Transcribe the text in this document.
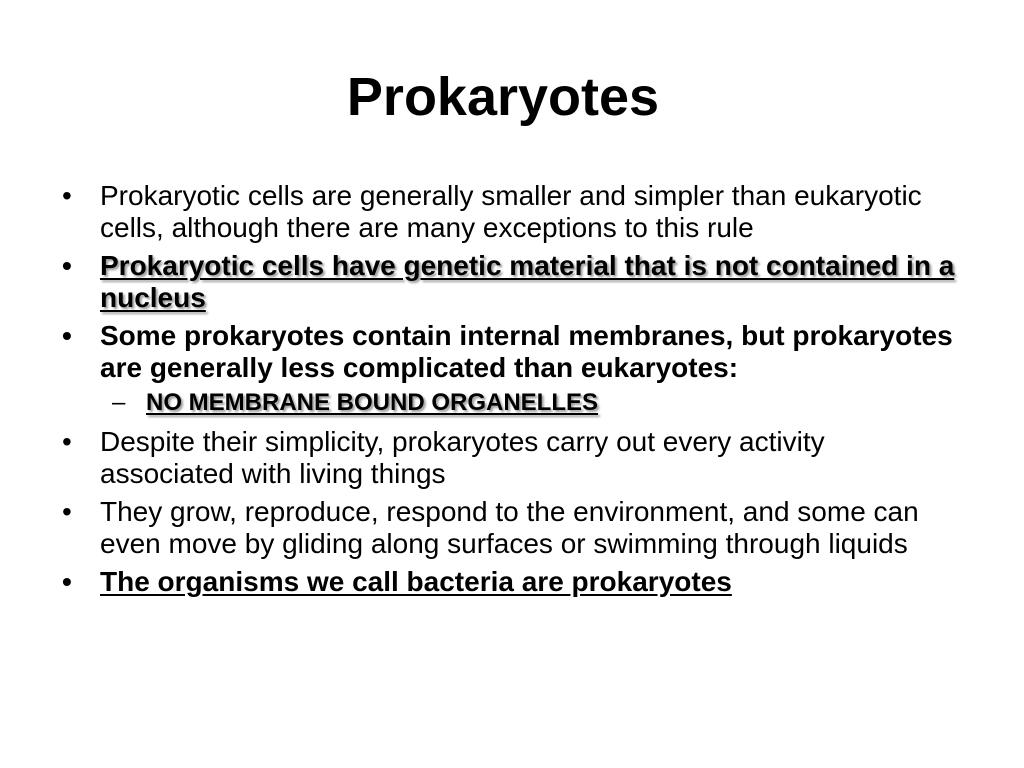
Prokaryotes
•	Prokaryotic cells are generally smaller and simpler than eukaryotic cells, although there are many exceptions to this rule
•	Prokaryotic cells have genetic material that is not contained in a nucleus
•	Some prokaryotes contain internal membranes, but prokaryotes are generally less complicated than eukaryotes:
– NO MEMBRANE BOUND ORGANELLES
•	Despite their simplicity, prokaryotes carry out every activity associated with living things
•	They grow, reproduce, respond to the environment, and some can even move by gliding along surfaces or swimming through liquids
•	The organisms we call bacteria are prokaryotes
